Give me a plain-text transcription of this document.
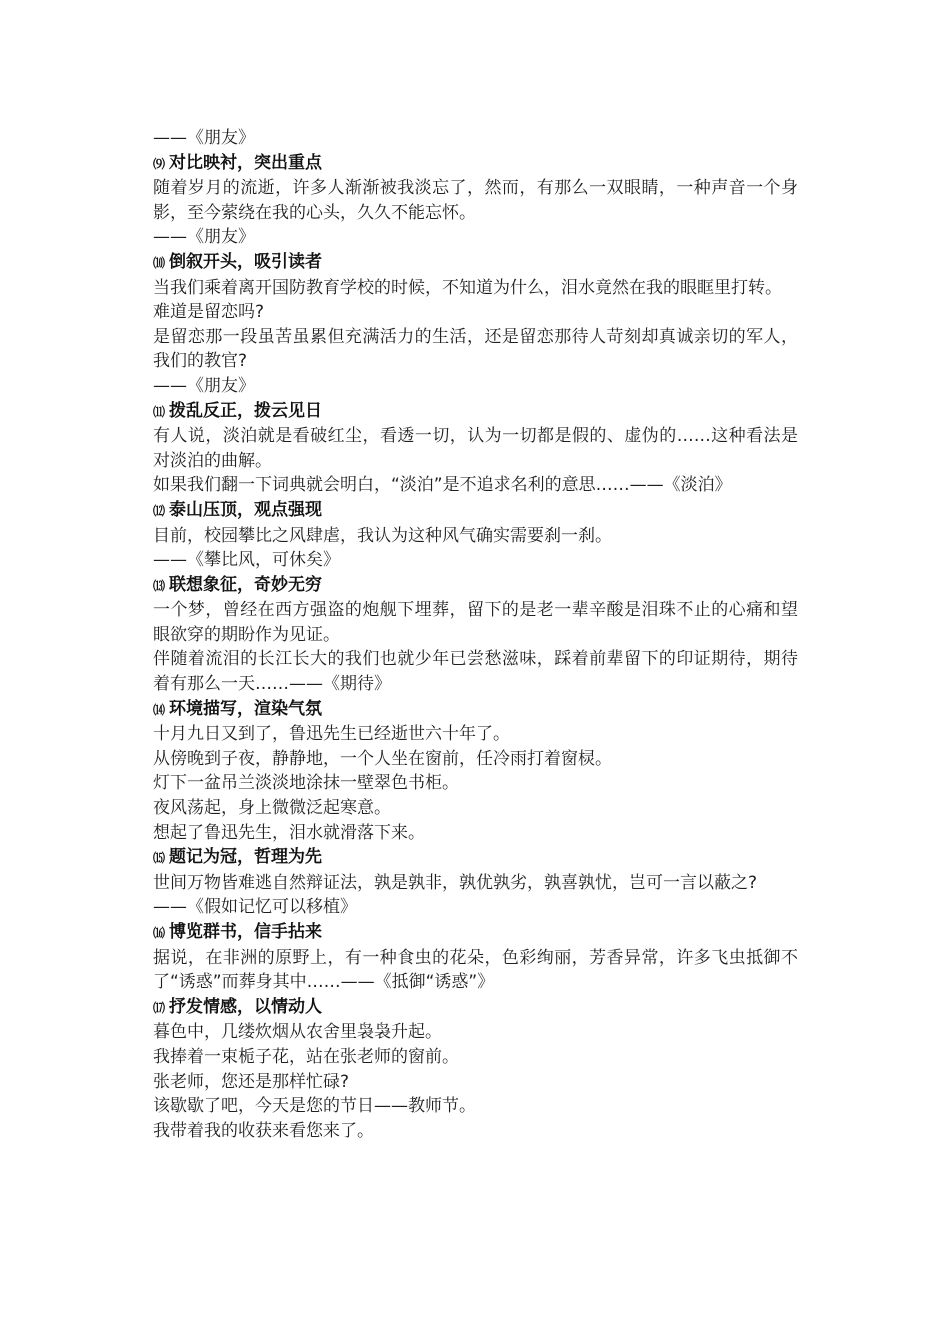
——《朋友》

⑼ 对比映衬，突出重点

随着岁月的流逝，许多人渐渐被我淡忘了，然而，有那么一双眼睛，一种声音一个身影，至今萦绕在我的心头，久久不能忘怀。

——《朋友》

⑽ 倒叙开头，吸引读者

当我们乘着离开国防教育学校的时候，不知道为什么，泪水竟然在我的眼眶里打转。

难道是留恋吗?

是留恋那一段虽苦虽累但充满活力的生活，还是留恋那待人苛刻却真诚亲切的军人，我们的教官?

——《朋友》

⑾ 拨乱反正，拨云见日

有人说，淡泊就是看破红尘，看透一切，认为一切都是假的、虚伪的……这种看法是对淡泊的曲解。

如果我们翻一下词典就会明白，“淡泊”是不追求名利的意思……——《淡泊》

⑿ 泰山压顶，观点强现

目前，校园攀比之风肆虐，我认为这种风气确实需要刹一刹。

——《攀比风，可休矣》

⒀ 联想象征，奇妙无穷

一个梦，曾经在西方强盗的炮舰下埋葬，留下的是老一辈辛酸是泪珠不止的心痛和望眼欲穿的期盼作为见证。

伴随着流泪的长江长大的我们也就少年已尝愁滋味，踩着前辈留下的印证期待，期待着有那么一天……——《期待》

⒁ 环境描写，渲染气氛

十月九日又到了，鲁迅先生已经逝世六十年了。

从傍晚到子夜，静静地，一个人坐在窗前，任冷雨打着窗棂。

灯下一盆吊兰淡淡地涂抹一壁翠色书柜。

夜风荡起，身上微微泛起寒意。

想起了鲁迅先生，泪水就滑落下来。

⒂ 题记为冠，哲理为先

世间万物皆难逃自然辩证法，孰是孰非，孰优孰劣，孰喜孰忧，岂可一言以蔽之?

——《假如记忆可以移植》

⒃ 博览群书，信手拈来

据说，在非洲的原野上，有一种食虫的花朵，色彩绚丽，芳香异常，许多飞虫抵御不了“诱惑”而葬身其中……——《抵御“诱惑”》

⒄ 抒发情感，以情动人

暮色中，几缕炊烟从农舍里袅袅升起。

我捧着一束栀子花，站在张老师的窗前。

张老师，您还是那样忙碌?

该歇歇了吧，今天是您的节日——教师节。

我带着我的收获来看您来了。
